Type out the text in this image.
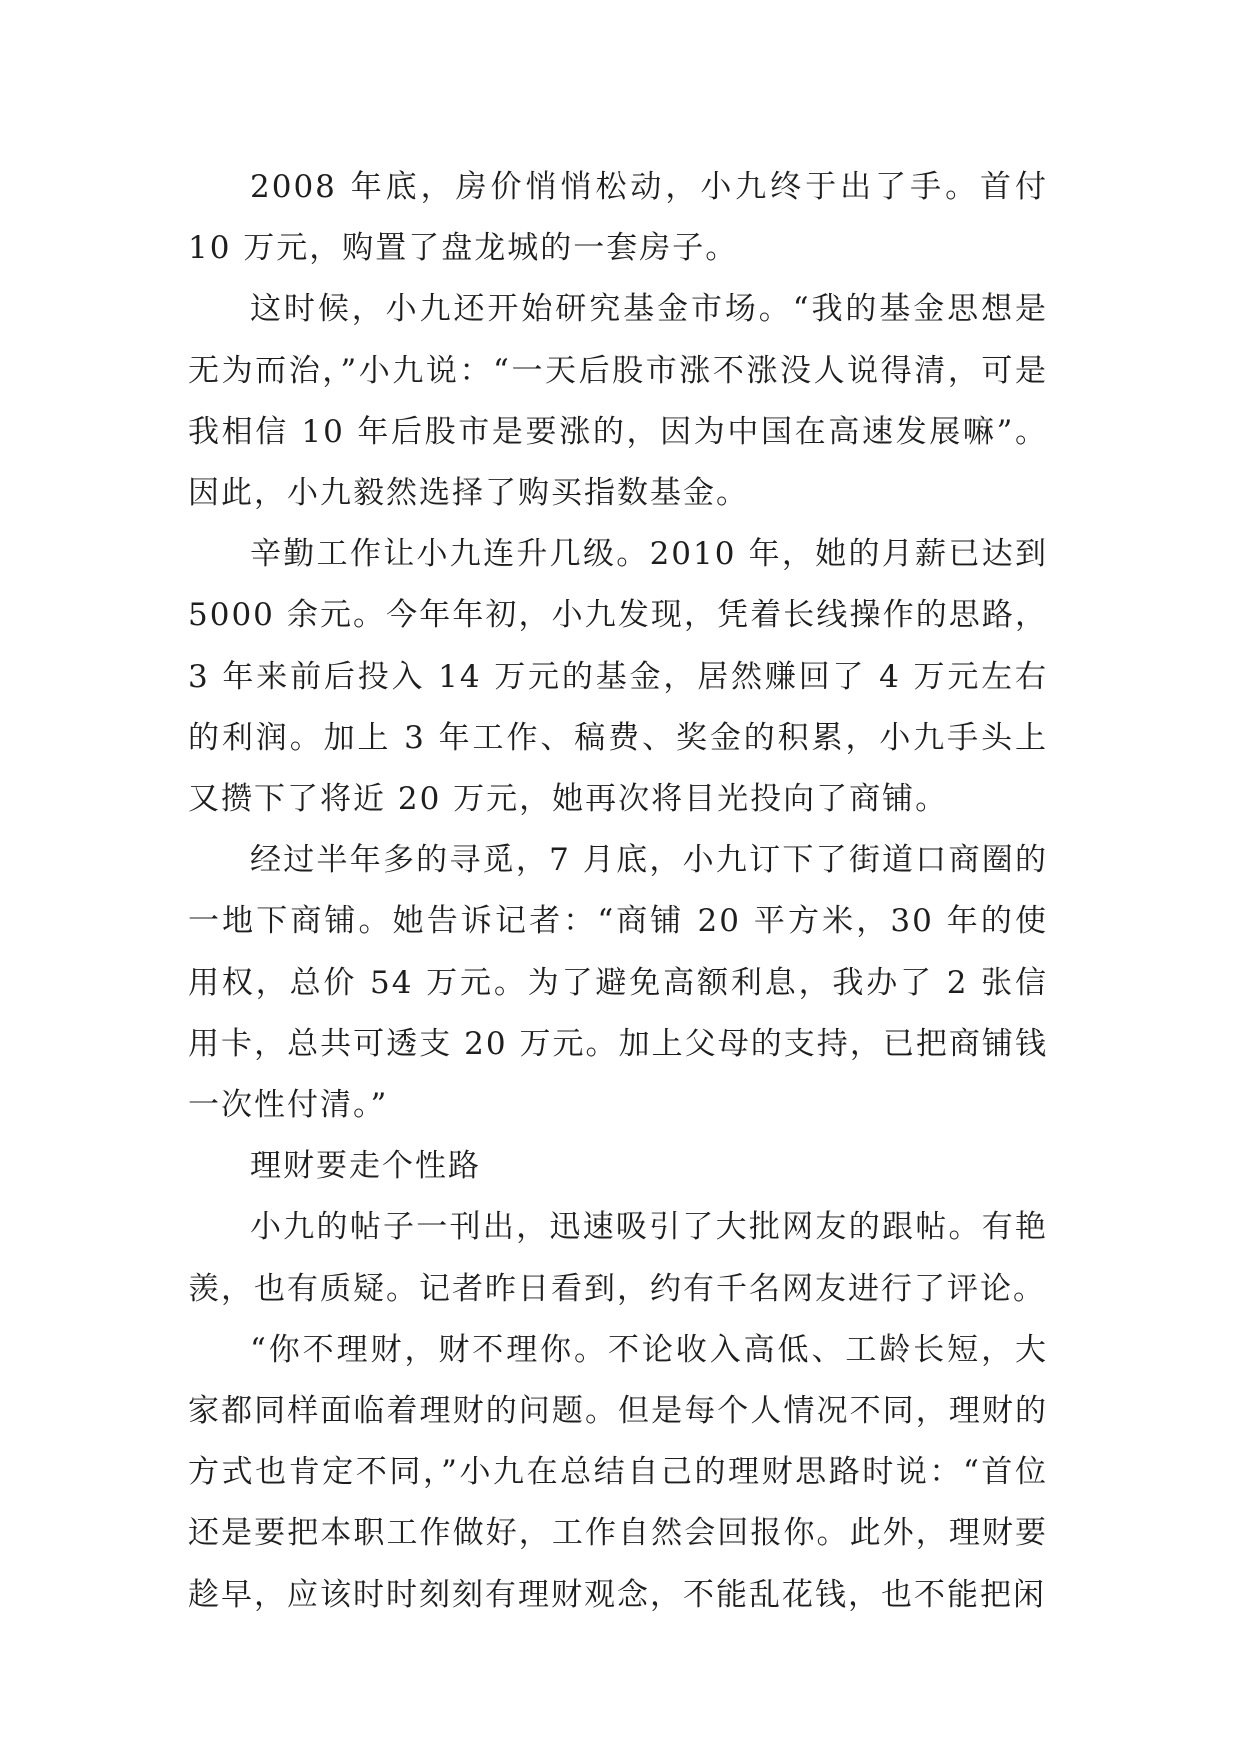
2008 年底，房价悄悄松动，小九终于出了手。首付 10 万元，购置了盘龙城的一套房子。

这时候，小九还开始研究基金市场。“我的基金思想是无为而治，”小九说：“一天后股市涨不涨没人说得清，可是我相信 10 年后股市是要涨的，因为中国在高速发展嘛”。因此，小九毅然选择了购买指数基金。

辛勤工作让小九连升几级。2010 年，她的月薪已达到 5000 余元。今年年初，小九发现，凭着长线操作的思路，3 年来前后投入 14 万元的基金，居然赚回了 4 万元左右的利润。加上 3 年工作、稿费、奖金的积累，小九手头上又攒下了将近 20 万元，她再次将目光投向了商铺。

经过半年多的寻觅，7 月底，小九订下了街道口商圈的一地下商铺。她告诉记者：“商铺 20 平方米，30 年的使用权，总价 54 万元。为了避免高额利息，我办了 2 张信用卡，总共可透支 20 万元。加上父母的支持，已把商铺钱一次性付清。”

理财要走个性路

小九的帖子一刊出，迅速吸引了大批网友的跟帖。有艳羡，也有质疑。记者昨日看到，约有千名网友进行了评论。

“你不理财，财不理你。不论收入高低、工龄长短，大家都同样面临着理财的问题。但是每个人情况不同，理财的方式也肯定不同，”小九在总结自己的理财思路时说：“首位还是要把本职工作做好，工作自然会回报你。此外，理财要趁早，应该时时刻刻有理财观念，不能乱花钱，也不能把闲
